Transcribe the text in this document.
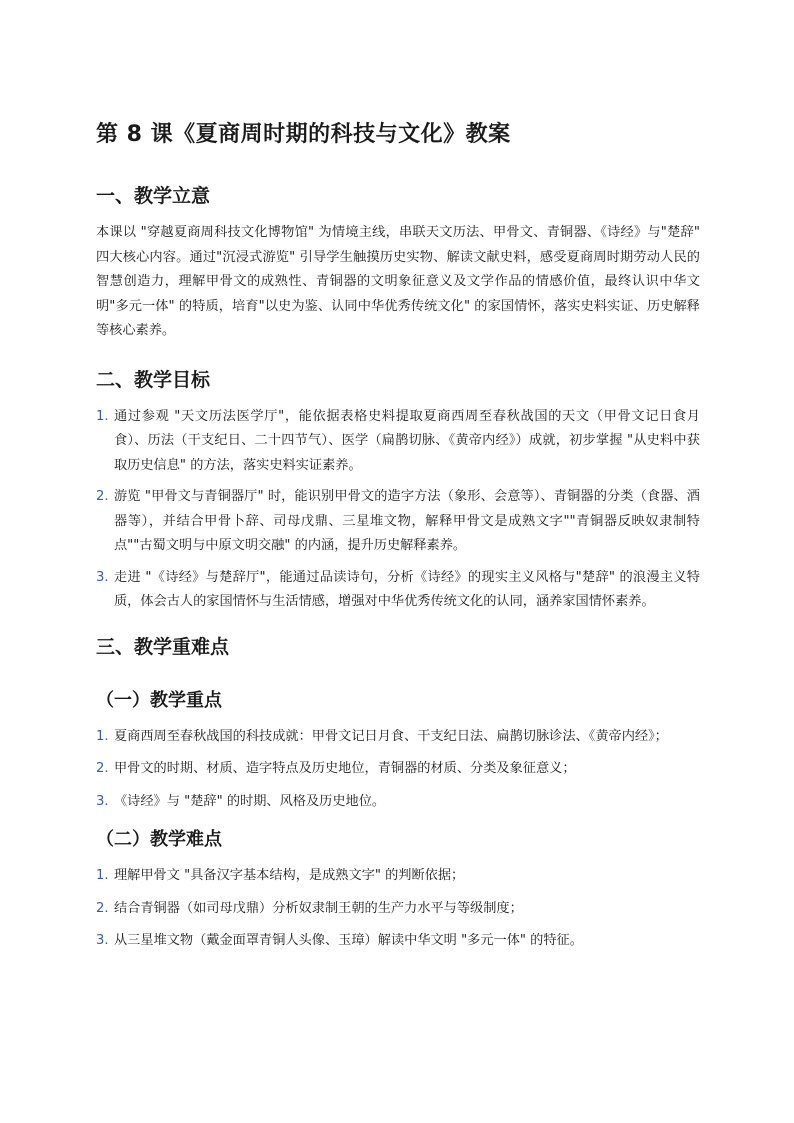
第 8 课《夏商周时期的科技与文化》教案
一、教学立意

本课以 "穿越夏商周科技文化博物馆" 为情境主线，串联天文历法、甲骨文、青铜器、《诗经》与"楚辞" 四大核心内容。通过"沉浸式游览" 引导学生触摸历史实物、解读文献史料，感受夏商周时期劳动人民的智慧创造力，理解甲骨文的成熟性、青铜器的文明象征意义及文学作品的情感价值，最终认识中华文明"多元一体" 的特质，培育"以史为鉴、认同中华优秀传统文化" 的家国情怀，落实史料实证、历史解释等核心素养。

二、教学目标
1. 通过参观 "天文历法医学厅"，能依据表格史料提取夏商西周至春秋战国的天文（甲骨文记日食月食）、历法（干支纪日、二十四节气）、医学（扁鹊切脉、《黄帝内经》）成就，初步掌握 "从史料中获取历史信息" 的方法，落实史料实证素养。
2. 游览 "甲骨文与青铜器厅" 时，能识别甲骨文的造字方法（象形、会意等）、青铜器的分类（食器、酒器等），并结合甲骨卜辞、司母戊鼎、三星堆文物，解释甲骨文是成熟文字""青铜器反映奴隶制特点""古蜀文明与中原文明交融" 的内涵，提升历史解释素养。
3. 走进 "《诗经》与楚辞厅"，能通过品读诗句，分析《诗经》的现实主义风格与"楚辞" 的浪漫主义特质，体会古人的家国情怀与生活情感，增强对中华优秀传统文化的认同，涵养家国情怀素养。
三、教学重难点
（一）教学重点
1. 夏商西周至春秋战国的科技成就：甲骨文记日月食、干支纪日法、扁鹊切脉诊法、《黄帝内经》；
2. 甲骨文的时期、材质、造字特点及历史地位，青铜器的材质、分类及象征意义；
3. 《诗经》与 "楚辞" 的时期、风格及历史地位。
（二）教学难点
1. 理解甲骨文 "具备汉字基本结构，是成熟文字" 的判断依据；
2. 结合青铜器（如司母戊鼎）分析奴隶制王朝的生产力水平与等级制度；
3. 从三星堆文物（戴金面罩青铜人头像、玉璋）解读中华文明 "多元一体" 的特征。
